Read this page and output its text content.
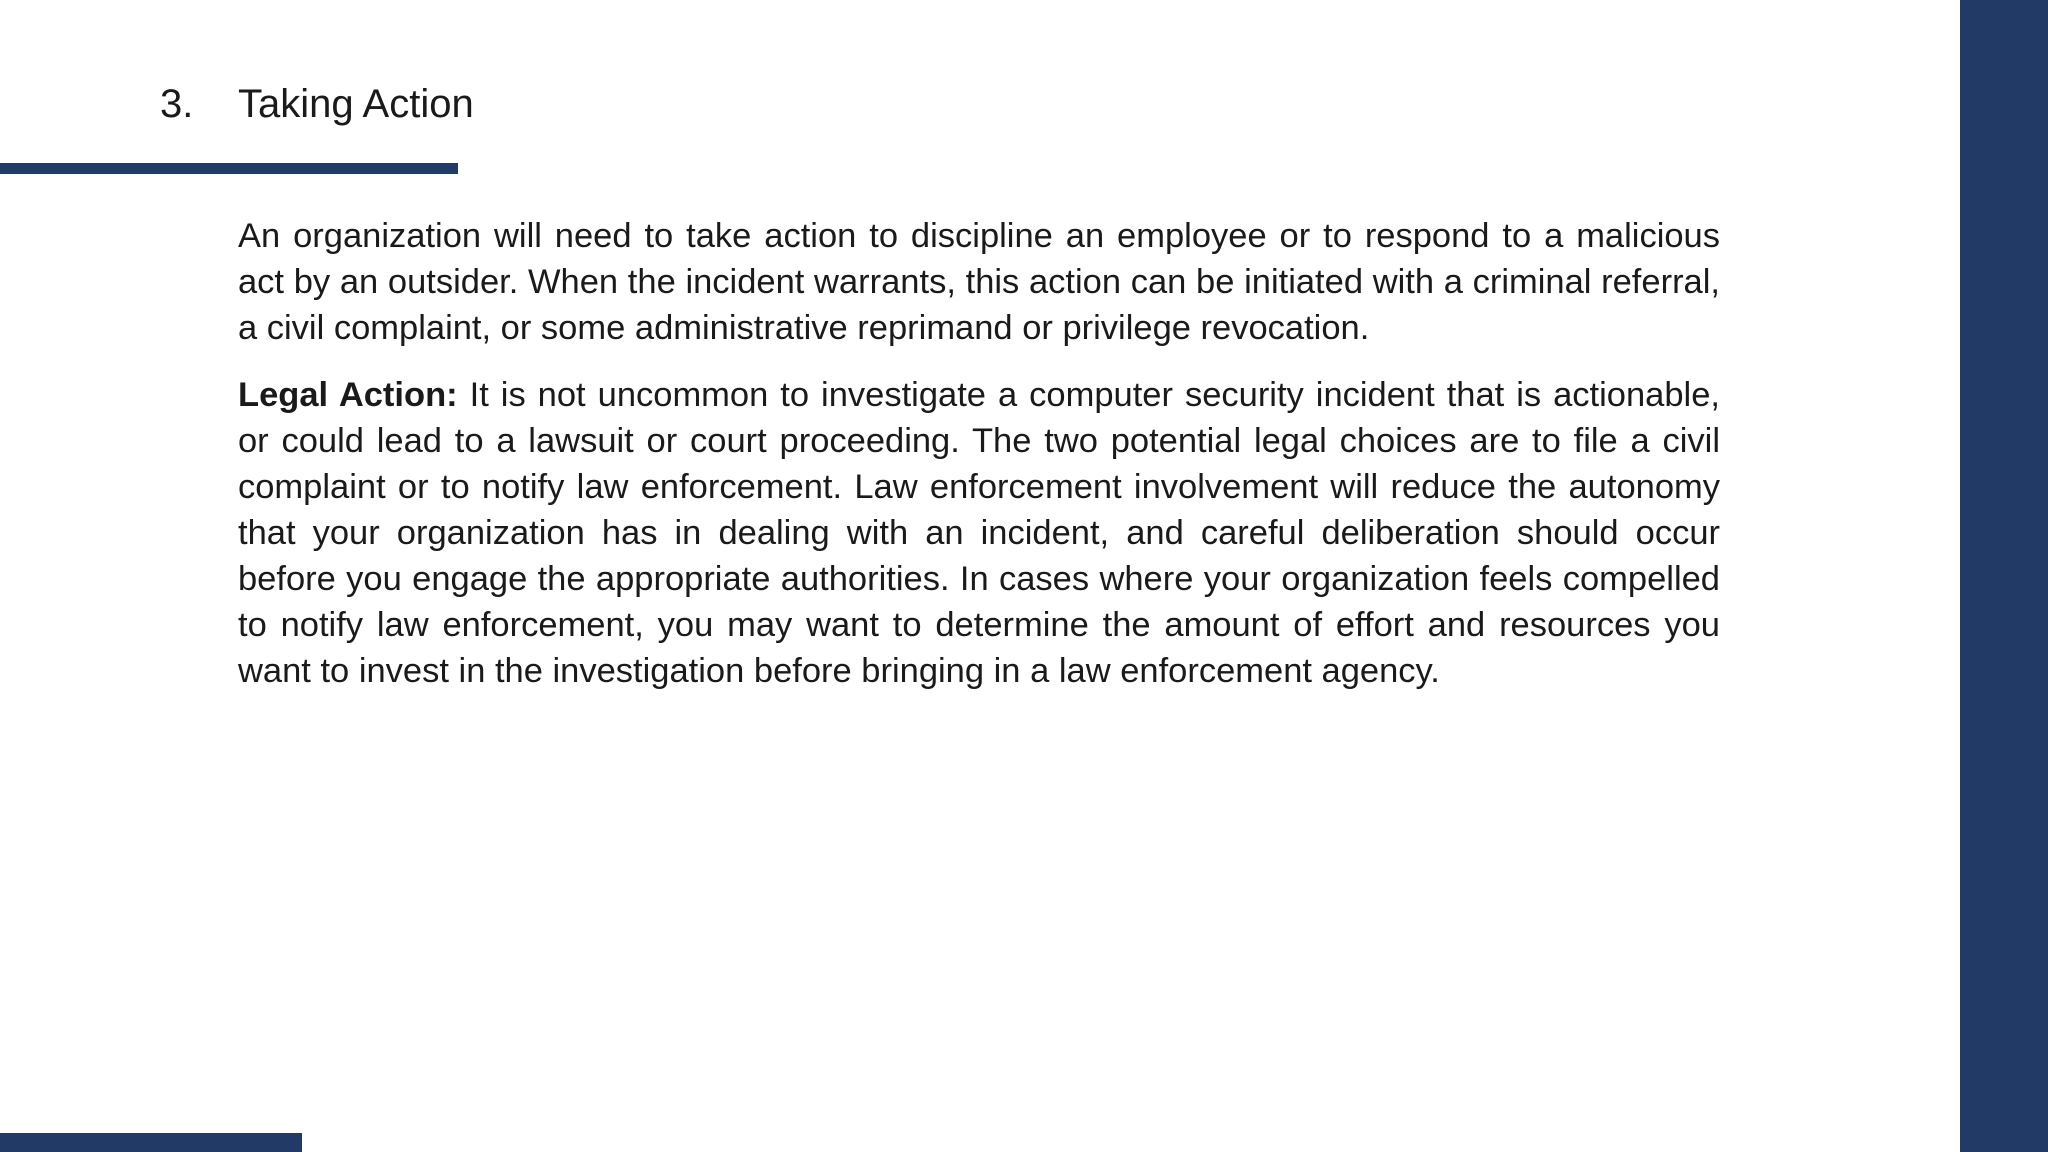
3.	Taking Action

An organization will need to take action to discipline an employee or to respond to a malicious act by an outsider. When the incident warrants, this action can be initiated with a criminal referral, a civil complaint, or some administrative reprimand or privilege revocation.

Legal Action: It is not uncommon to investigate a computer security incident that is actionable, or could lead to a lawsuit or court proceeding. The two potential legal choices are to file a civil complaint or to notify law enforcement. Law enforcement involvement will reduce the autonomy that your organization has in dealing with an incident, and careful deliberation should occur before you engage the appropriate authorities. In cases where your organization feels compelled to notify law enforcement, you may want to determine the amount of effort and resources you want to invest in the investigation before bringing in a law enforcement agency.
